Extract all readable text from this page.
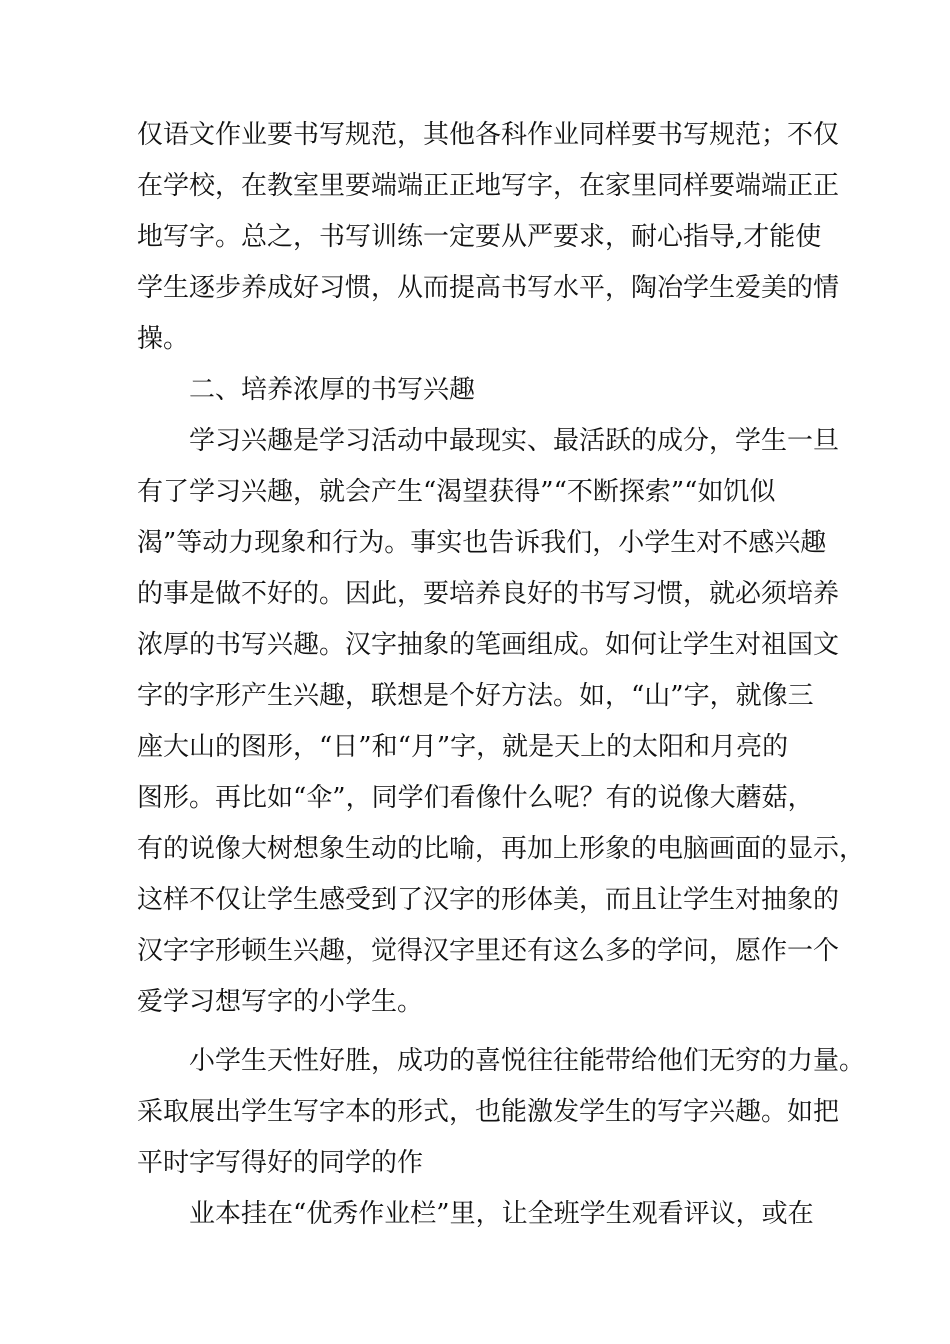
仅语文作业要书写规范，其他各科作业同样要书写规范；不仅
在学校，在教室里要端端正正地写字，在家里同样要端端正正
地写字。总之，书写训练一定要从严要求，耐心指导,才能使
学生逐步养成好习惯，从而提高书写水平，陶冶学生爱美的情
操。
二、培养浓厚的书写兴趣
学习兴趣是学习活动中最现实、最活跃的成分，学生一旦
有了学习兴趣，就会产生“渴望获得”“不断探索”“如饥似
渴”等动力现象和行为。事实也告诉我们，小学生对不感兴趣
的事是做不好的。因此，要培养良好的书写习惯，就必须培养
浓厚的书写兴趣。汉字抽象的笔画组成。如何让学生对祖国文
字的字形产生兴趣，联想是个好方法。如，“山”字，就像三
座大山的图形，“日”和“月”字，就是天上的太阳和月亮的
图形。再比如“伞”，同学们看像什么呢？有的说像大蘑菇，
有的说像大树想象生动的比喻，再加上形象的电脑画面的显示，
这样不仅让学生感受到了汉字的形体美，而且让学生对抽象的
汉字字形顿生兴趣，觉得汉字里还有这么多的学问，愿作一个
爱学习想写字的小学生。
小学生天性好胜，成功的喜悦往往能带给他们无穷的力量。
采取展出学生写字本的形式，也能激发学生的写字兴趣。如把
平时字写得好的同学的作
业本挂在“优秀作业栏”里，让全班学生观看评议，或在
